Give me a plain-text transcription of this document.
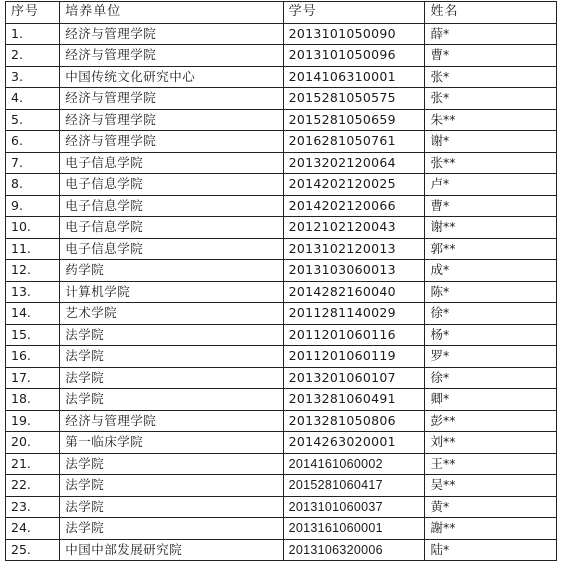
序号	培养单位	学号	姓名
1.	经济与管理学院	2013101050090	薛*
2.	经济与管理学院	2013101050096	曹*
3.	中国传统文化研究中心	2014106310001	张*
4.	经济与管理学院	2015281050575	张*
5.	经济与管理学院	2015281050659	朱**
6.	经济与管理学院	2016281050761	谢*
7.	电子信息学院	2013202120064	张**
8.	电子信息学院	2014202120025	卢*
9.	电子信息学院	2014202120066	曹*
10.	电子信息学院	2012102120043	谢**
11.	电子信息学院	2013102120013	郭**
12.	药学院	2013103060013	成*
13.	计算机学院	2014282160040	陈*
14.	艺术学院	2011281140029	徐*
15.	法学院	2011201060116	杨*
16.	法学院	2011201060119	罗*
17.	法学院	2013201060107	徐*
18.	法学院	2013281060491	卿*
19.	经济与管理学院	2013281050806	彭**
20.	第一临床学院	2014263020001	刘**
21.	法学院	2014161060002	王**
22.	法学院	2015281060417	吴**
23.	法学院	2013101060037	黄*
24.	法学院	2013161060001	謝**
25.	中国中部发展研究院	2013106320006	陆*
